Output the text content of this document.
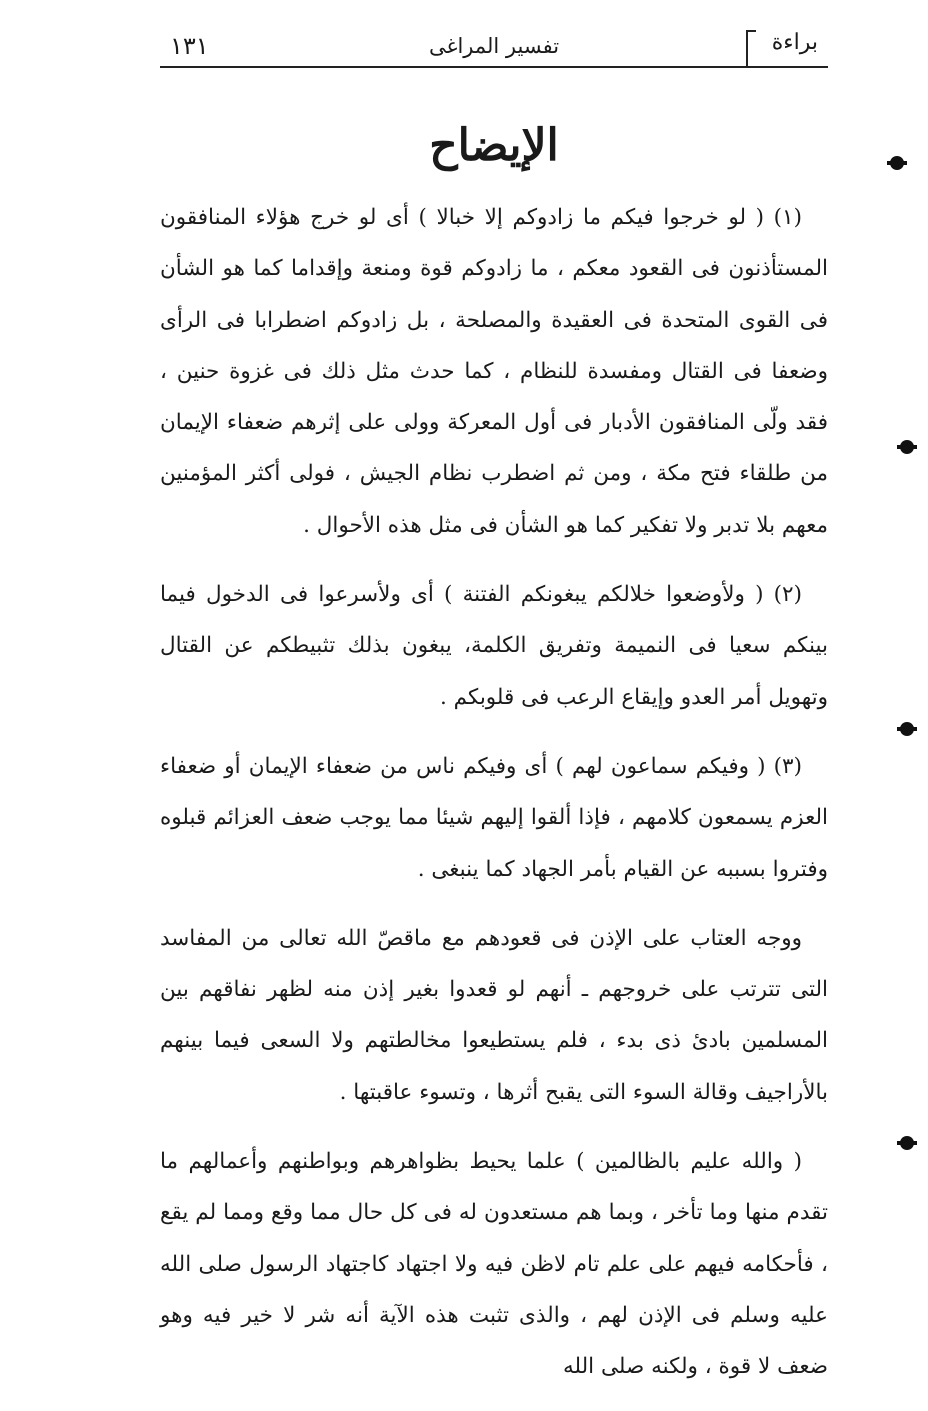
١٣١	تفسير المراغى	براءة
الإيضاح

(١) ( لو خرجوا فيكم ما زادوكم إلا خبالا ) أى لو خرج هؤلاء المنافقون المستأذنون فى القعود معكم ، ما زادوكم قوة ومنعة وإقداما كما هو الشأن فى القوى المتحدة فى العقيدة والمصلحة ، بل زادوكم اضطرابا فى الرأى وضعفا فى القتال ومفسدة للنظام ، كما حدث مثل ذلك فى غزوة حنين ، فقد ولّى المنافقون الأدبار فى أول المعركة وولى على إثرهم ضعفاء الإيمان من طلقاء فتح مكة ، ومن ثم اضطرب نظام الجيش ، فولى أكثر المؤمنين معهم بلا تدبر ولا تفكير كما هو الشأن فى مثل هذه الأحوال .

(٢) ( ولأوضعوا خلالكم يبغونكم الفتنة ) أى ولأسرعوا فى الدخول فيما بينكم سعيا فى النميمة وتفريق الكلمة، يبغون بذلك تثبيطكم عن القتال وتهويل أمر العدو وإيقاع الرعب فى قلوبكم .

(٣) ( وفيكم سماعون لهم ) أى وفيكم ناس من ضعفاء الإيمان أو ضعفاء العزم يسمعون كلامهم ، فإذا ألقوا إليهم شيئا مما يوجب ضعف العزائم قبلوه وفتروا بسببه عن القيام بأمر الجهاد كما ينبغى .

ووجه العتاب على الإذن فى قعودهم مع ماقصّ الله تعالى من المفاسد التى تترتب على خروجهم ـ أنهم لو قعدوا بغير إذن منه لظهر نفاقهم بين المسلمين بادئ ذى بدء ، فلم يستطيعوا مخالطتهم ولا السعى فيما بينهم بالأراجيف وقالة السوء التى يقبح أثرها ، وتسوء عاقبتها .

( والله عليم بالظالمين ) علما يحيط بظواهرهم وبواطنهم وأعمالهم ما تقدم منها وما تأخر ، وبما هم مستعدون له فى كل حال مما وقع ومما لم يقع ، فأحكامه فيهم على علم تام لاظن فيه ولا اجتهاد كاجتهاد الرسول صلى الله عليه وسلم فى الإذن لهم ، والذى تثبت هذه الآية أنه شر لا خير فيه وهو ضعف لا قوة ، ولكنه صلى الله
